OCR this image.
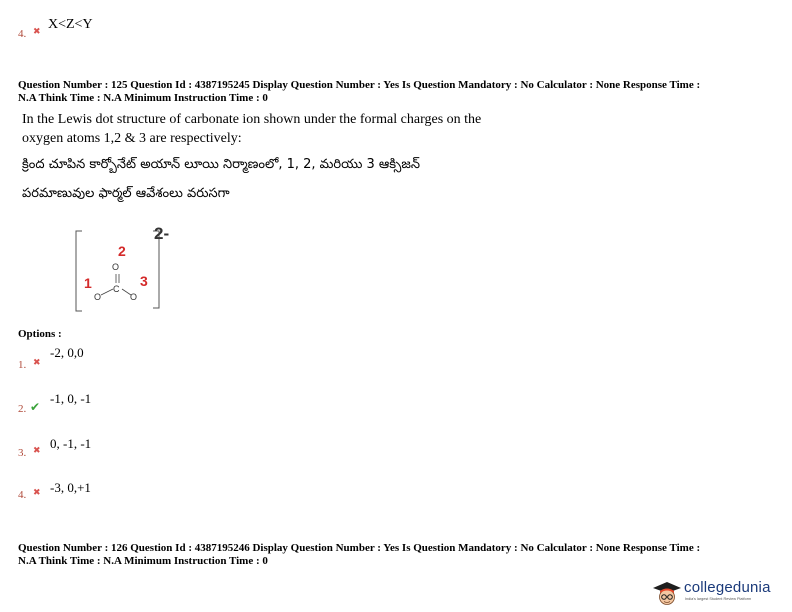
4. ✖ X<Z<Y
Question Number : 125 Question Id : 4387195245 Display Question Number : Yes Is Question Mandatory : No Calculator : None Response Time :
N.A Think Time : N.A Minimum Instruction Time : 0
In the Lewis dot structure of carbonate ion shown under the formal charges on the
oxygen atoms 1,2 & 3 are respectively:
క్రింద చూపిన కార్బోనేట్ అయాన్ లూయి నిర్మాణంలో, 1, 2, మరియు 3 ఆక్సిజన్
పరమాణువుల ఫార్మల్ ఆవేశంలు వరుసగా
2-
2
1	3
O
C
O	O
Options :
1. ✖
-2, 0,0
2. ✔
-1, 0, -1
3. ✖ 0, -1, -1
4. ✖ -3, 0,+1
Question Number : 126 Question Id : 4387195246 Display Question Number : Yes Is Question Mandatory : No Calculator : None Response Time :
N.A Think Time : N.A Minimum Instruction Time : 0
collegedunia
India's largest Student Review Platform
